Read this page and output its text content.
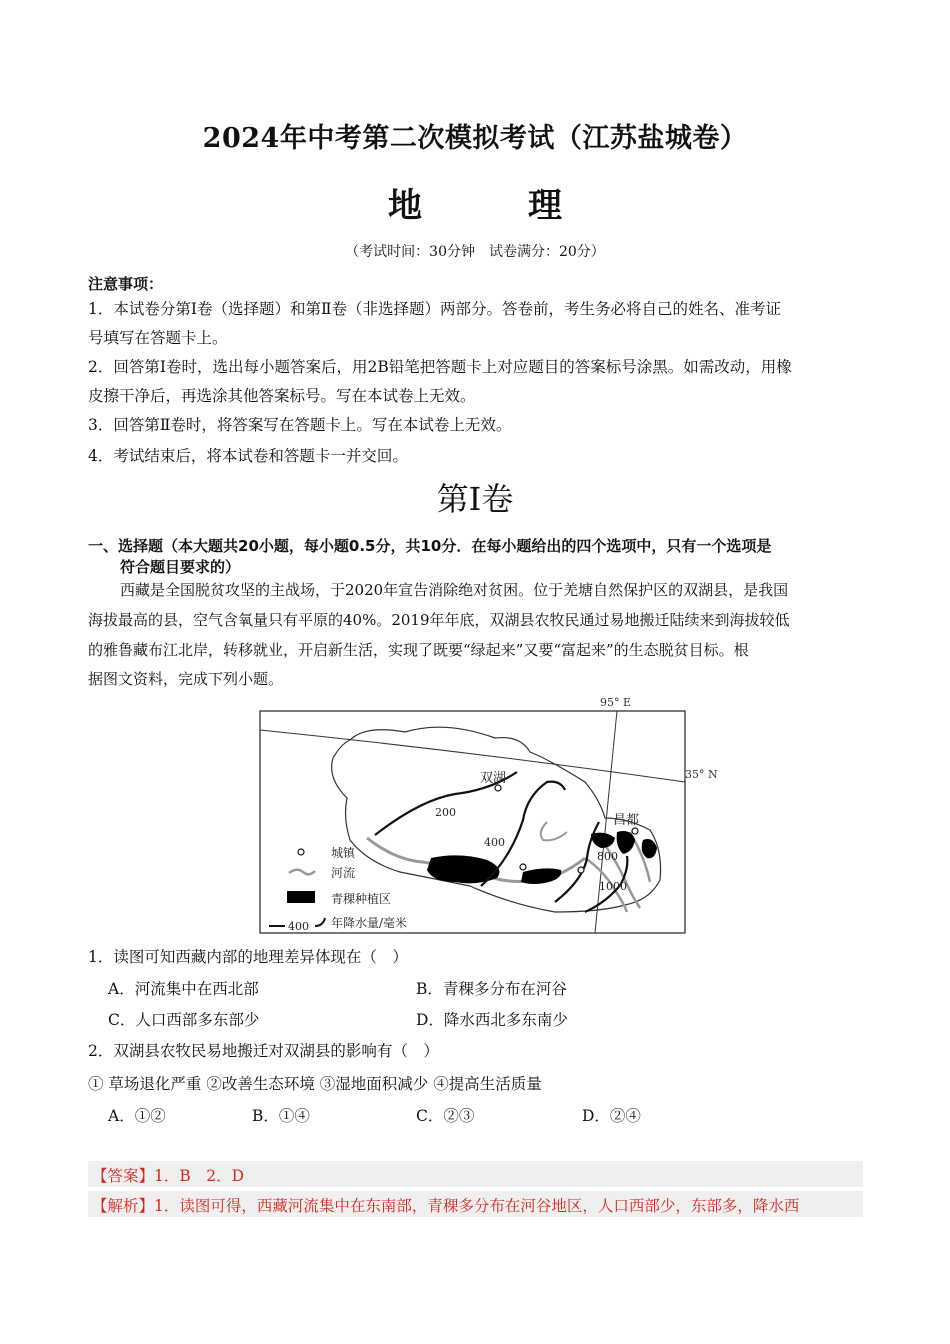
2024年中考第二次模拟考试（江苏盐城卷）
地　理
（考试时间：30分钟　试卷满分：20分）
注意事项：
1．本试卷分第Ⅰ卷（选择题）和第Ⅱ卷（非选择题）两部分。答卷前，考生务必将自己的姓名、准考证
号填写在答题卡上。
2．回答第Ⅰ卷时，选出每小题答案后，用2B铅笔把答题卡上对应题目的答案标号涂黑。如需改动，用橡
皮擦干净后，再选涂其他答案标号。写在本试卷上无效。
3．回答第Ⅱ卷时，将答案写在答题卡上。写在本试卷上无效。
4．考试结束后，将本试卷和答题卡一并交回。
第Ⅰ卷
一、选择题（本大题共20小题，每小题0.5分，共10分．在每小题给出的四个选项中，只有一个选项是
符合题目要求的）
西藏是全国脱贫攻坚的主战场，于2020年宣告消除绝对贫困。位于羌塘自然保护区的双湖县，是我国
海拔最高的县，空气含氧量只有平原的40%。2019年年底，双湖县农牧民通过易地搬迁陆续来到海拔较低
的雅鲁藏布江北岸，转移就业，开启新生活，实现了既要“绿起来”又要“富起来”的生态脱贫目标。根
据图文资料，完成下列小题。
95° E
35° N
200
400
800
1000
双湖
昌都
城镇
河流
青稞种植区
400 年降水量/毫米
1．读图可知西藏内部的地理差异体现在（　）
A．河流集中在西北部	B．青稞多分布在河谷
C．人口西部多东部少	D．降水西北多东南少
2．双湖县农牧民易地搬迁对双湖县的影响有（　）
① 草场退化严重 ②改善生态环境 ③湿地面积减少 ④提高生活质量
A．①②	B．①④	C．②③	D．②④
【答案】1．B　2．D
【解析】1．读图可得，西藏河流集中在东南部，青稞多分布在河谷地区，人口西部少，东部多，降水西
